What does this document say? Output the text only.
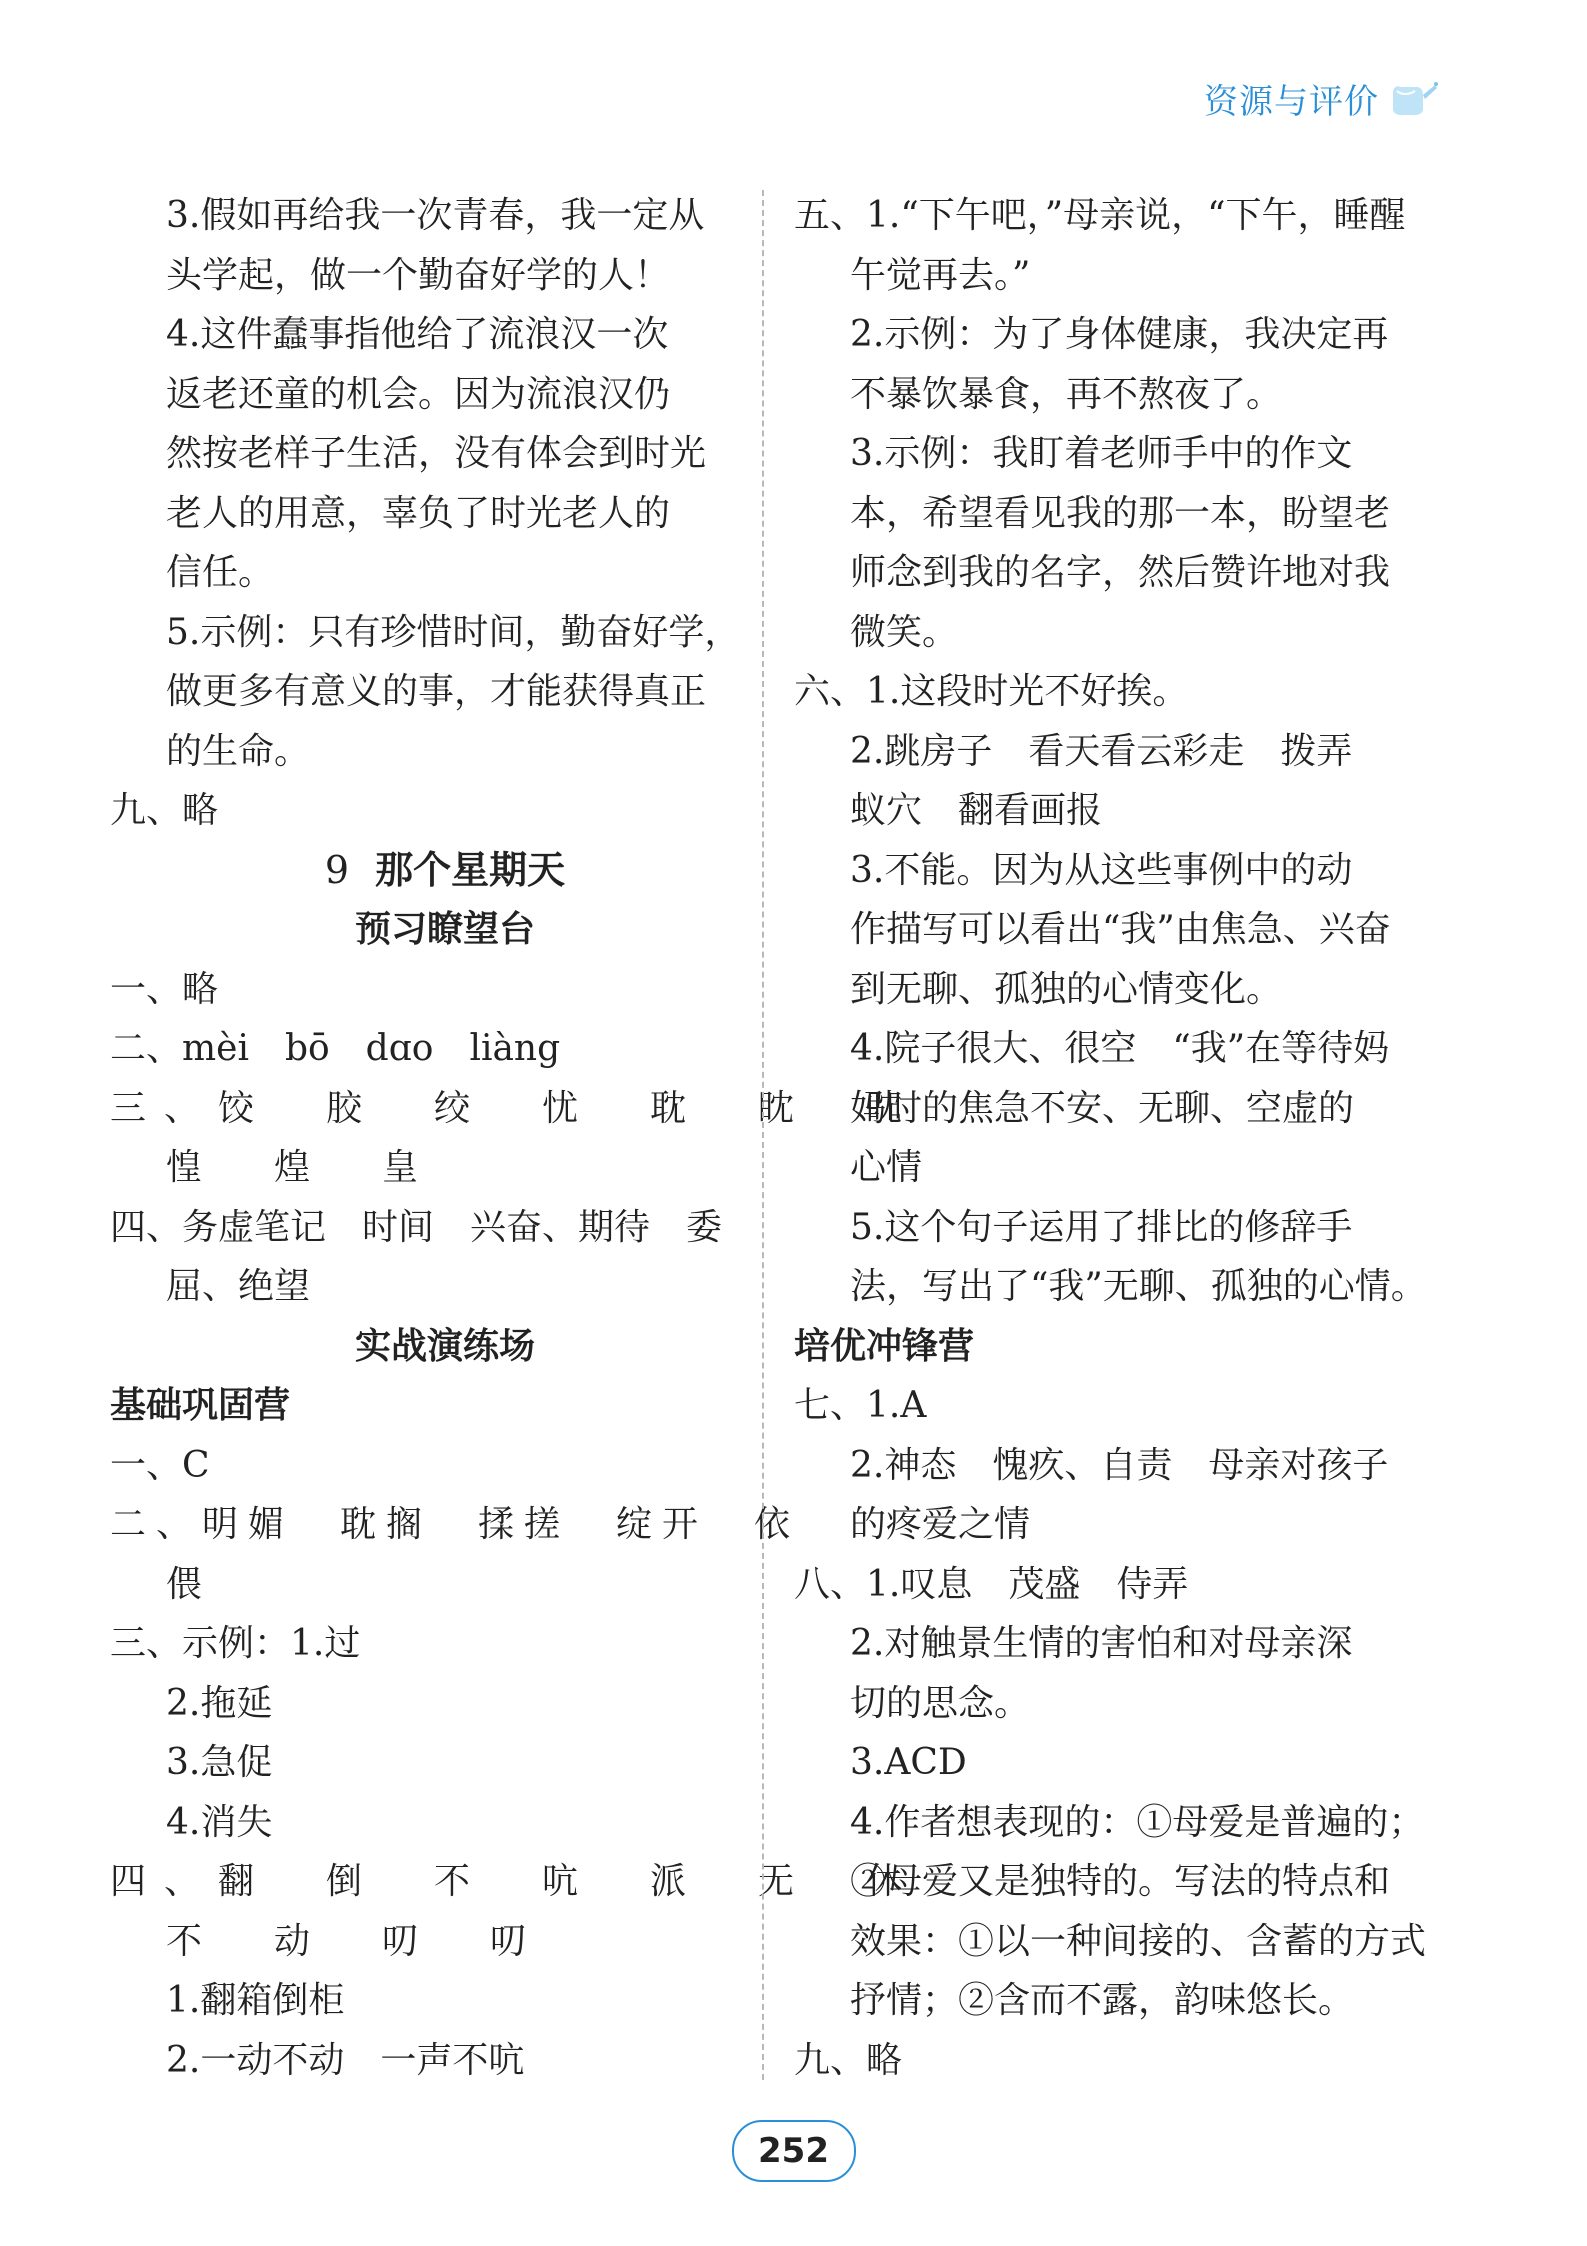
资源与评价
3.假如再给我一次青春，我一定从
头学起，做一个勤奋好学的人！
4.这件蠢事指他给了流浪汉一次
返老还童的机会。因为流浪汉仍
然按老样子生活，没有体会到时光
老人的用意，辜负了时光老人的
信任。
5.示例：只有珍惜时间，勤奋好学，
做更多有意义的事，才能获得真正
的生命。
九、略
9 那个星期天
预习瞭望台
一、略
二、mèi　bō　dɑo　liàng
三、饺　胶　绞　忧　耽　眈　眈
惶　煌　皇
四、务虚笔记　时间　兴奋、期待　委
屈、绝望
实战演练场
基础巩固营
一、C
二、明媚　耽搁　揉搓　绽开　依
偎
三、示例：1.过
2.拖延
3.急促
4.消失
四、翻　倒　不　吭　派　无　休
不　动　叨　叨
1.翻箱倒柜
2.一动不动　一声不吭
五、1.“下午吧，”母亲说，“下午，睡醒
午觉再去。”
2.示例：为了身体健康，我决定再
不暴饮暴食，再不熬夜了。
3.示例：我盯着老师手中的作文
本，希望看见我的那一本，盼望老
师念到我的名字，然后赞许地对我
微笑。
六、1.这段时光不好挨。
2.跳房子　看天看云彩走　拨弄
蚁穴　翻看画报
3.不能。因为从这些事例中的动
作描写可以看出“我”由焦急、兴奋
到无聊、孤独的心情变化。
4.院子很大、很空　“我”在等待妈
妈时的焦急不安、无聊、空虚的
心情
5.这个句子运用了排比的修辞手
法，写出了“我”无聊、孤独的心情。
培优冲锋营
七、1.A
2.神态　愧疚、自责　母亲对孩子
的疼爱之情
八、1.叹息　茂盛　侍弄
2.对触景生情的害怕和对母亲深
切的思念。
3.ACD
4.作者想表现的：①母爱是普遍的；
②母爱又是独特的。写法的特点和
效果：①以一种间接的、含蓄的方式
抒情；②含而不露，韵味悠长。
九、略
252
